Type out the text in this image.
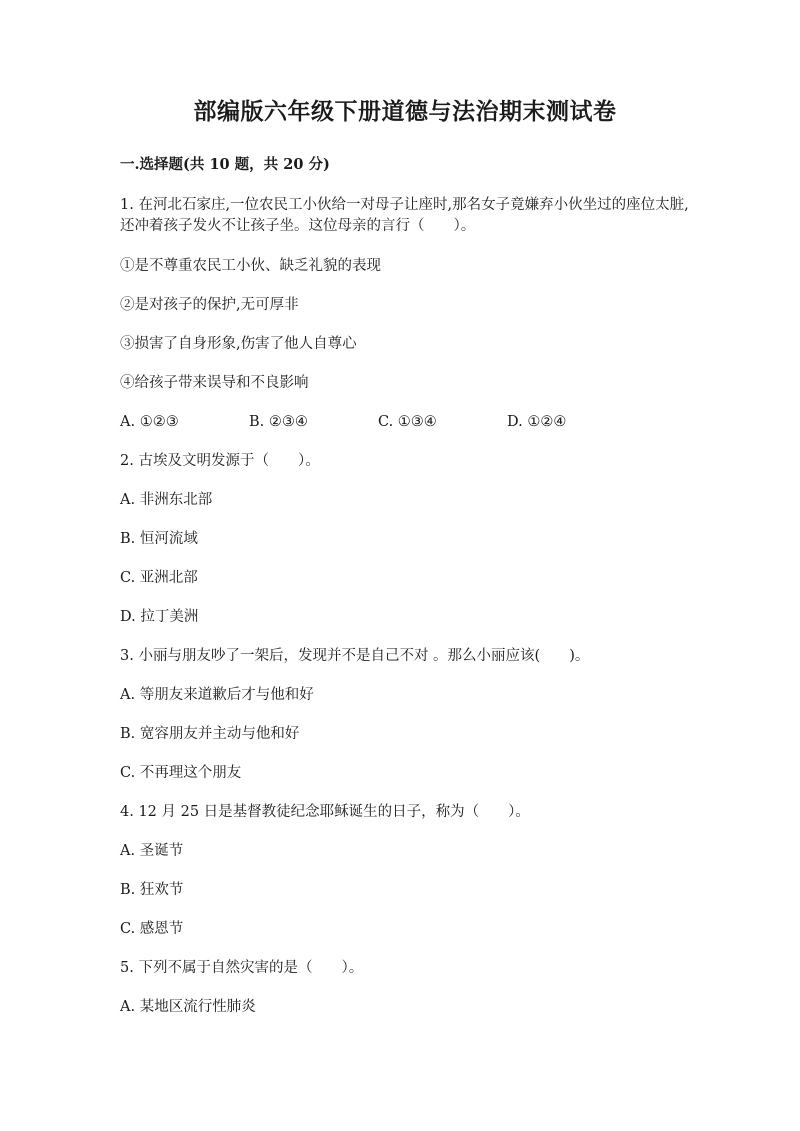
部编版六年级下册道德与法治期末测试卷
一.选择题(共 10 题，共 20 分)

1. 在河北石家庄,一位农民工小伙给一对母子让座时,那名女子竟嫌弃小伙坐过的座位太脏,还冲着孩子发火不让孩子坐。这位母亲的言行（　　）。

①是不尊重农民工小伙、缺乏礼貌的表现

②是对孩子的保护,无可厚非

③损害了自身形象,伤害了他人自尊心

④给孩子带来误导和不良影响

A. ①②③	B. ②③④	C. ①③④	D. ①②④

2. 古埃及文明发源于（　　）。

A. 非洲东北部

B. 恒河流域

C. 亚洲北部

D. 拉丁美洲

3. 小丽与朋友吵了一架后，发现并不是自己不对 。那么小丽应该(　　)。

A. 等朋友来道歉后才与他和好

B. 宽容朋友并主动与他和好

C. 不再理这个朋友

4. 12 月 25 日是基督教徒纪念耶稣诞生的日子，称为（　　）。

A. 圣诞节

B. 狂欢节

C. 感恩节

5. 下列不属于自然灾害的是（　　）。

A. 某地区流行性肺炎
